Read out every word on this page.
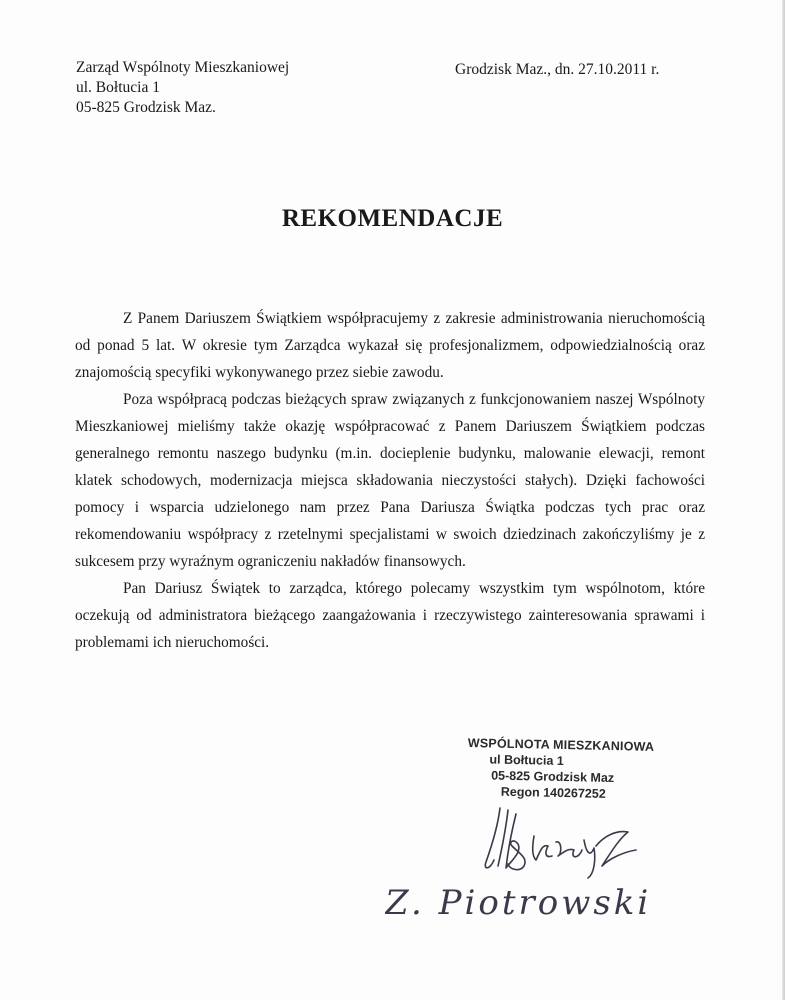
Zarząd Wspólnoty Mieszkaniowej
ul. Bołtucia 1
05-825 Grodzisk Maz.
Grodzisk Maz., dn. 27.10.2011 r.
REKOMENDACJE

Z Panem Dariuszem Świątkiem współpracujemy z zakresie administrowania nieruchomością od ponad 5 lat. W okresie tym Zarządca wykazał się profesjonalizmem, odpowiedzialnością oraz znajomością specyfiki wykonywanego przez siebie zawodu.

Poza współpracą podczas bieżących spraw związanych z funkcjonowaniem naszej Wspólnoty Mieszkaniowej mieliśmy także okazję współpracować z Panem Dariuszem Świątkiem podczas generalnego remontu naszego budynku (m.in. docieplenie budynku, malowanie elewacji, remont klatek schodowych, modernizacja miejsca składowania nieczystości stałych). Dzięki fachowości pomocy i wsparcia udzielonego nam przez Pana Dariusza Świątka podczas tych prac oraz rekomendowaniu współpracy z rzetelnymi specjalistami w swoich dziedzinach zakończyliśmy je z sukcesem przy wyraźnym ograniczeniu nakładów finansowych.

Pan Dariusz Świątek to zarządca, którego polecamy wszystkim tym wspólnotom, które oczekują od administratora bieżącego zaangażowania i rzeczywistego zainteresowania sprawami i problemami ich nieruchomości.

WSPÓLNOTA MIESZKANIOWA
ul Bołtucia 1
05-825 Grodzisk Maz
Regon 140267252
Z. Piotrowski
